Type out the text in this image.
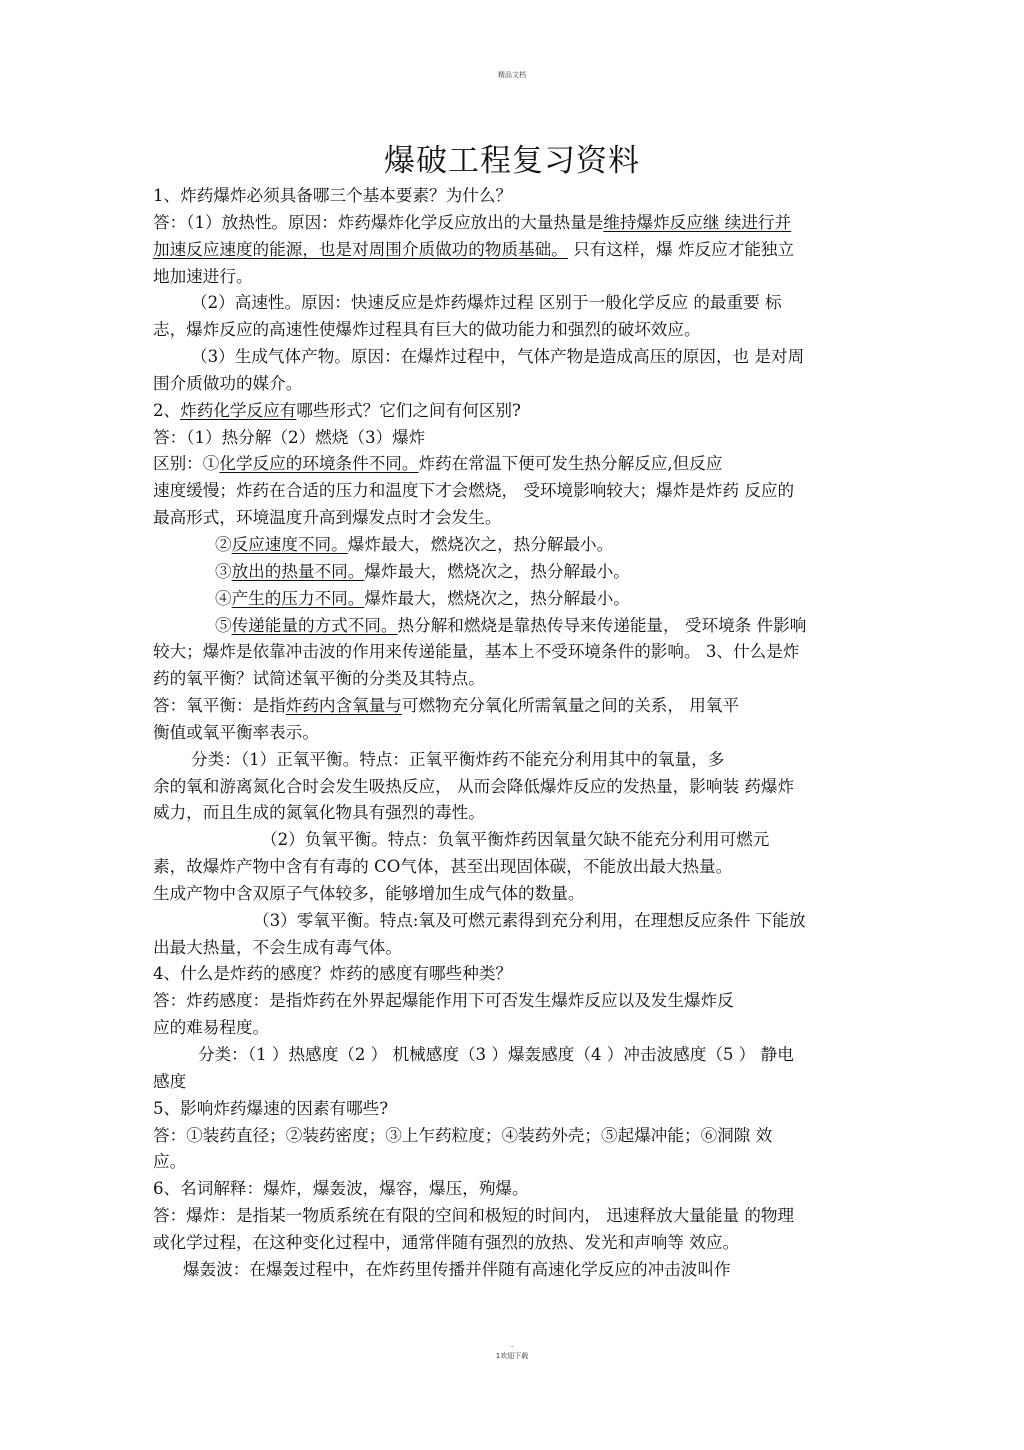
精品文档
爆破工程复习资料
1、炸药爆炸必须具备哪三个基本要素？为什么？
答：（1）放热性。原因：炸药爆炸化学反应放出的大量热量是维持爆炸反应继 续进行并
加速反应速度的能源，也是对周围介质做功的物质基础。 只有这样，爆 炸反应才能独立
地加速进行。
（2）高速性。原因：快速反应是炸药爆炸过程 区别于一般化学反应 的最重要 标
志，爆炸反应的高速性使爆炸过程具有巨大的做功能力和强烈的破坏效应。
（3）生成气体产物。原因：在爆炸过程中，气体产物是造成高压的原因，也 是对周
围介质做功的媒介。
2、炸药化学反应有哪些形式？它们之间有何区别?
答：（1）热分解（2）燃烧（3）爆炸
区别：①化学反应的环境条件不同。炸药在常温下便可发生热分解反应,但反应
速度缓慢；炸药在合适的压力和温度下才会燃烧， 受环境影响较大；爆炸是炸药 反应的
最高形式，环境温度升高到爆发点时才会发生。
②反应速度不同。爆炸最大，燃烧次之，热分解最小。
③放出的热量不同。爆炸最大，燃烧次之，热分解最小。
④产生的压力不同。爆炸最大，燃烧次之，热分解最小。
⑤传递能量的方式不同。热分解和燃烧是靠热传导来传递能量， 受环境条 件影响
较大；爆炸是依靠冲击波的作用来传递能量，基本上不受环境条件的影响。 3、什么是炸
药的氧平衡？试简述氧平衡的分类及其特点。
答：氧平衡：是指炸药内含氧量与可燃物充分氧化所需氧量之间的关系， 用氧平
衡值或氧平衡率表示。
分类：（1）正氧平衡。特点：正氧平衡炸药不能充分利用其中的氧量，多
余的氧和游离氮化合时会发生吸热反应， 从而会降低爆炸反应的发热量，影响装 药爆炸
威力，而且生成的氮氧化物具有强烈的毒性。
（2）负氧平衡。特点：负氧平衡炸药因氧量欠缺不能充分利用可燃元
素，故爆炸产物中含有有毒的 CO气体，甚至出现固体碳，不能放出最大热量。
生成产物中含双原子气体较多，能够增加生成气体的数量。
（3）零氧平衡。特点:氧及可燃元素得到充分利用，在理想反应条件 下能放
出最大热量，不会生成有毒气体。
4、什么是炸药的感度？炸药的感度有哪些种类？
答：炸药感度：是指炸药在外界起爆能作用下可否发生爆炸反应以及发生爆炸反
应的难易程度。
分类：（1 ）热感度（2 ） 机械感度（3 ）爆轰感度（4 ）冲击波感度（5 ） 静电
感度
5、影响炸药爆速的因素有哪些?
答：①装药直径；②装药密度；③上乍药粒度；④装药外壳；⑤起爆冲能；⑥洞隙 效
应。
6、名词解释：爆炸，爆轰波，爆容，爆压，殉爆。
答：爆炸：是指某一物质系统在有限的空间和极短的时间内， 迅速释放大量能量 的物理
或化学过程，在这种变化过程中，通常伴随有强烈的放热、发光和声响等 效应。
爆轰波：在爆轰过程中，在炸药里传播并伴随有高速化学反应的冲击波叫作
.
1欢迎下载
